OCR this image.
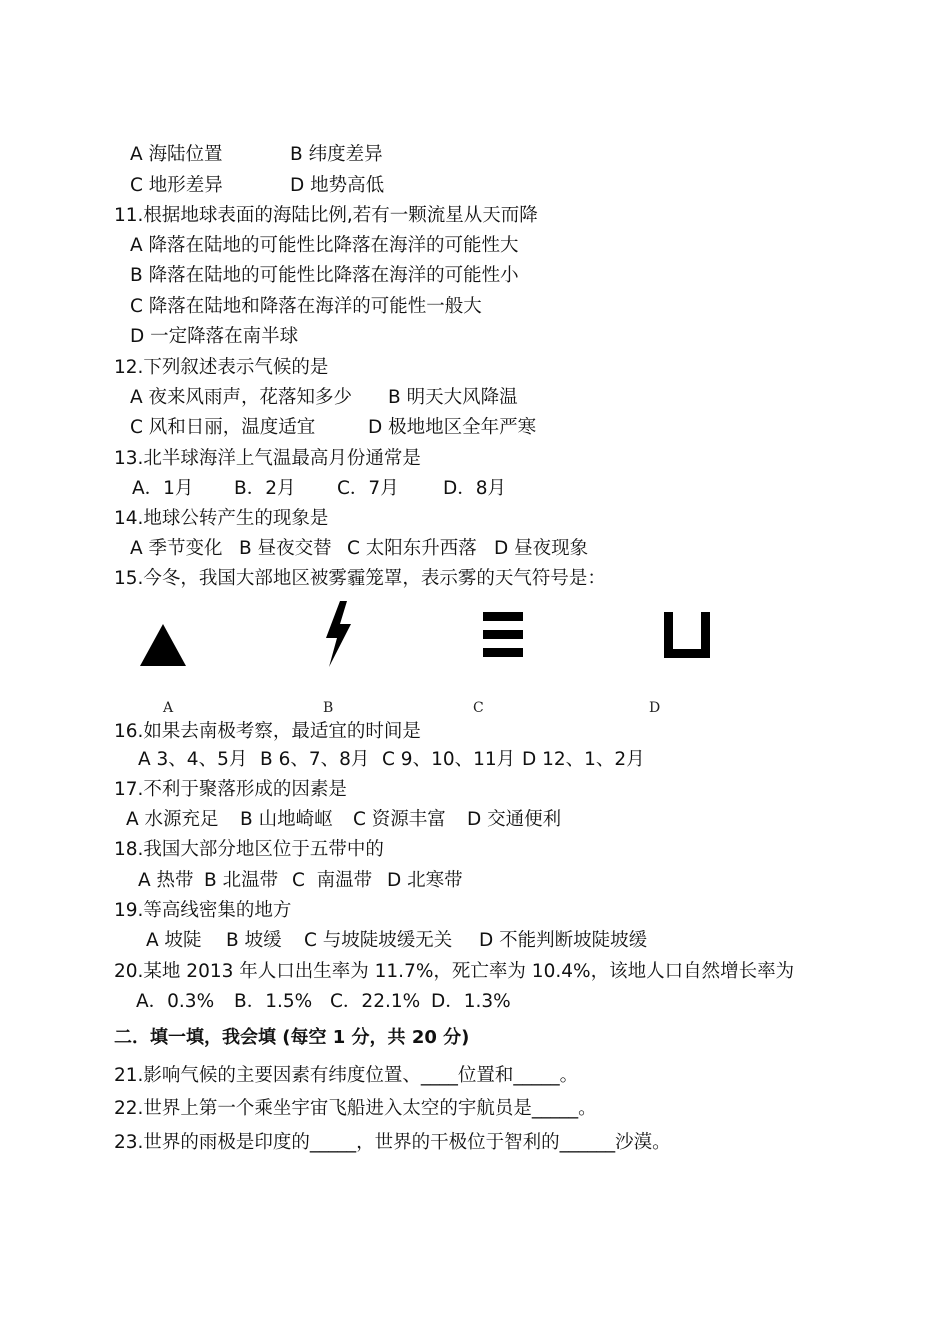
A 海陆位置

	B 纬度差异

C 地形差异

	D 地势高低

11.根据地球表面的海陆比例,若有一颗流星从天而降

A 降落在陆地的可能性比降落在海洋的可能性大

B 降落在陆地的可能性比降落在海洋的可能性小

C 降落在陆地和降落在海洋的可能性一般大

D 一定降落在南半球

12.下列叙述表示气候的是

A 夜来风雨声，花落知多少

B 明天大风降温

C 风和日丽，温度适宜

	D 极地地区全年严寒

13.北半球海洋上气温最高月份通常是

A．1月

B．2月

C．7月

D．8月

14.地球公转产生的现象是

A 季节变化

B 昼夜交替

C 太阳东升西落

D 昼夜现象

15.今冬，我国大部地区被雾霾笼罩，表示雾的天气符号是：

A	B	C	D

16.如果去南极考察，最适宜的时间是

A 3、4、5月

B 6、7、8月

C 9、10、11月

D 12、1、2月

17.不利于聚落形成的因素是

A 水源充足

B 山地崎岖

C 资源丰富

D 交通便利

18.我国大部分地区位于五带中的

A 热带

B 北温带

C  南温带

D 北寒带

19.等高线密集的地方

A 坡陡

B 坡缓

C 与坡陡坡缓无关

D 不能判断坡陡坡缓

20.某地 2013 年人口出生率为 11.7%，死亡率为 10.4%，该地人口自然增长率为

A．0.3%

B．1.5%

C．22.1%

D．1.3%

二．填一填，我会填 (每空 1 分，共 20 分)

21.影响气候的主要因素有纬度位置、____位置和_____。

22.世界上第一个乘坐宇宙飞船进入太空的宇航员是_____。

23.世界的雨极是印度的_____，世界的干极位于智利的______沙漠。
